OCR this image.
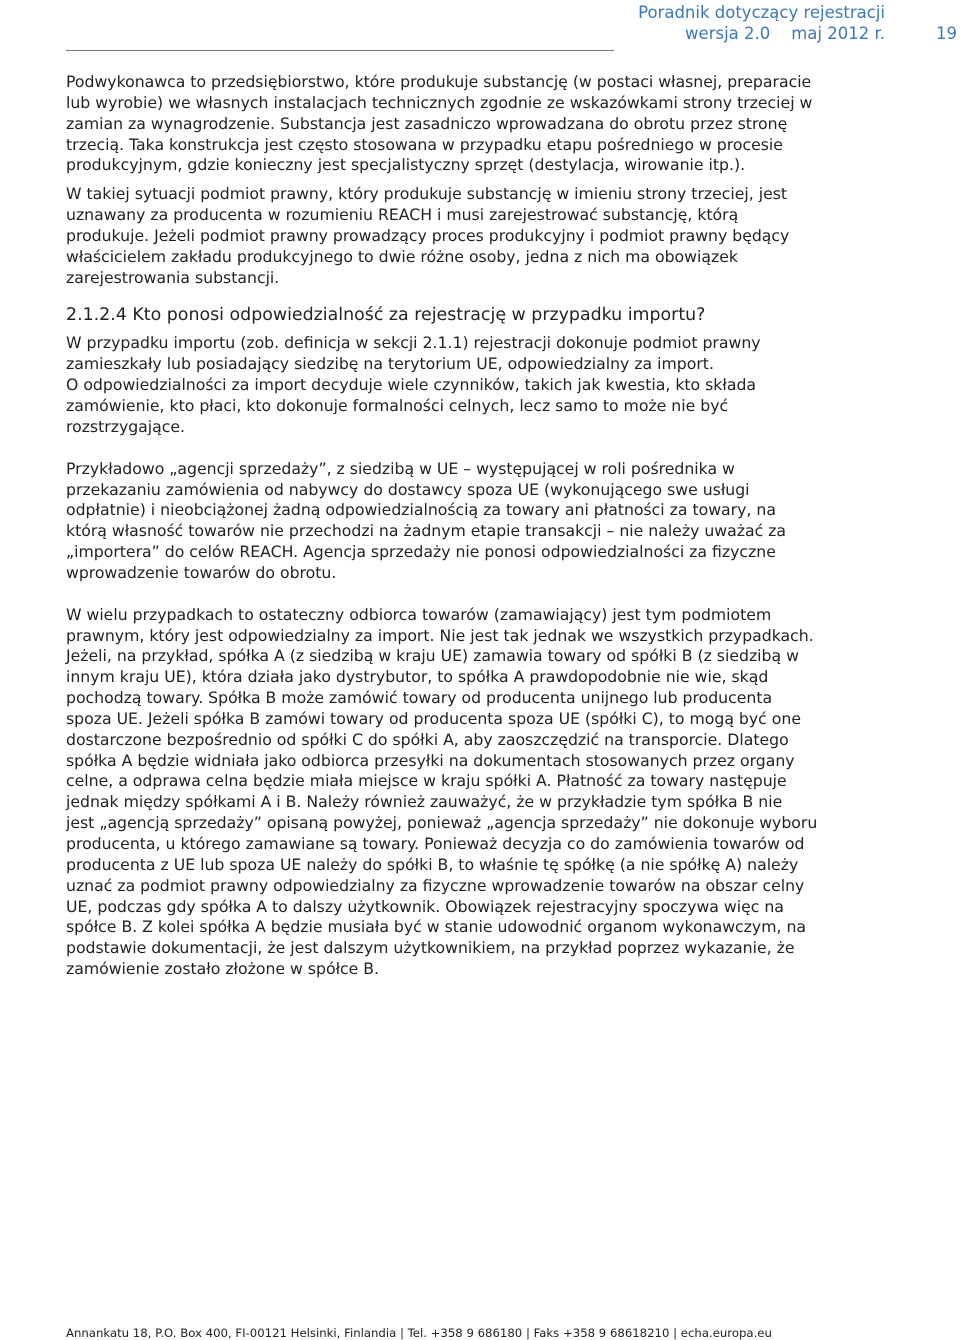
Poradnik dotyczący rejestracji
wersja 2.0    maj 2012 r.	19

Podwykonawca to przedsiębiorstwo, które produkuje substancję (w postaci własnej, preparacie
lub wyrobie) we własnych instalacjach technicznych zgodnie ze wskazówkami strony trzeciej w
zamian za wynagrodzenie. Substancja jest zasadniczo wprowadzana do obrotu przez stronę
trzecią. Taka konstrukcja jest często stosowana w przypadku etapu pośredniego w procesie
produkcyjnym, gdzie konieczny jest specjalistyczny sprzęt (destylacja, wirowanie itp.).

W takiej sytuacji podmiot prawny, który produkuje substancję w imieniu strony trzeciej, jest
uznawany za producenta w rozumieniu REACH i musi zarejestrować substancję, którą
produkuje. Jeżeli podmiot prawny prowadzący proces produkcyjny i podmiot prawny będący
właścicielem zakładu produkcyjnego to dwie różne osoby, jedna z nich ma obowiązek
zarejestrowania substancji.

2.1.2.4 Kto ponosi odpowiedzialność za rejestrację w przypadku importu?

W przypadku importu (zob. definicja w sekcji 2.1.1) rejestracji dokonuje podmiot prawny
zamieszkały lub posiadający siedzibę na terytorium UE, odpowiedzialny za import.
O odpowiedzialności za import decyduje wiele czynników, takich jak kwestia, kto składa
zamówienie, kto płaci, kto dokonuje formalności celnych, lecz samo to może nie być
rozstrzygające.

Przykładowo „agencji sprzedaży”, z siedzibą w UE – występującej w roli pośrednika w
przekazaniu zamówienia od nabywcy do dostawcy spoza UE (wykonującego swe usługi
odpłatnie) i nieobciążonej żadną odpowiedzialnością za towary ani płatności za towary, na
którą własność towarów nie przechodzi na żadnym etapie transakcji – nie należy uważać za
„importera” do celów REACH. Agencja sprzedaży nie ponosi odpowiedzialności za fizyczne
wprowadzenie towarów do obrotu.

W wielu przypadkach to ostateczny odbiorca towarów (zamawiający) jest tym podmiotem
prawnym, który jest odpowiedzialny za import. Nie jest tak jednak we wszystkich przypadkach.
Jeżeli, na przykład, spółka A (z siedzibą w kraju UE) zamawia towary od spółki B (z siedzibą w
innym kraju UE), która działa jako dystrybutor, to spółka A prawdopodobnie nie wie, skąd
pochodzą towary. Spółka B może zamówić towary od producenta unijnego lub producenta
spoza UE. Jeżeli spółka B zamówi towary od producenta spoza UE (spółki C), to mogą być one
dostarczone bezpośrednio od spółki C do spółki A, aby zaoszczędzić na transporcie. Dlatego
spółka A będzie widniała jako odbiorca przesyłki na dokumentach stosowanych przez organy
celne, a odprawa celna będzie miała miejsce w kraju spółki A. Płatność za towary następuje
jednak między spółkami A i B. Należy również zauważyć, że w przykładzie tym spółka B nie
jest „agencją sprzedaży” opisaną powyżej, ponieważ „agencja sprzedaży” nie dokonuje wyboru
producenta, u którego zamawiane są towary. Ponieważ decyzja co do zamówienia towarów od
producenta z UE lub spoza UE należy do spółki B, to właśnie tę spółkę (a nie spółkę A) należy
uznać za podmiot prawny odpowiedzialny za fizyczne wprowadzenie towarów na obszar celny
UE, podczas gdy spółka A to dalszy użytkownik. Obowiązek rejestracyjny spoczywa więc na
spółce B. Z kolei spółka A będzie musiała być w stanie udowodnić organom wykonawczym, na
podstawie dokumentacji, że jest dalszym użytkownikiem, na przykład poprzez wykazanie, że
zamówienie zostało złożone w spółce B.

Annankatu 18, P.O. Box 400, FI-00121 Helsinki, Finlandia | Tel. +358 9 686180 | Faks +358 9 68618210 | echa.europa.eu
